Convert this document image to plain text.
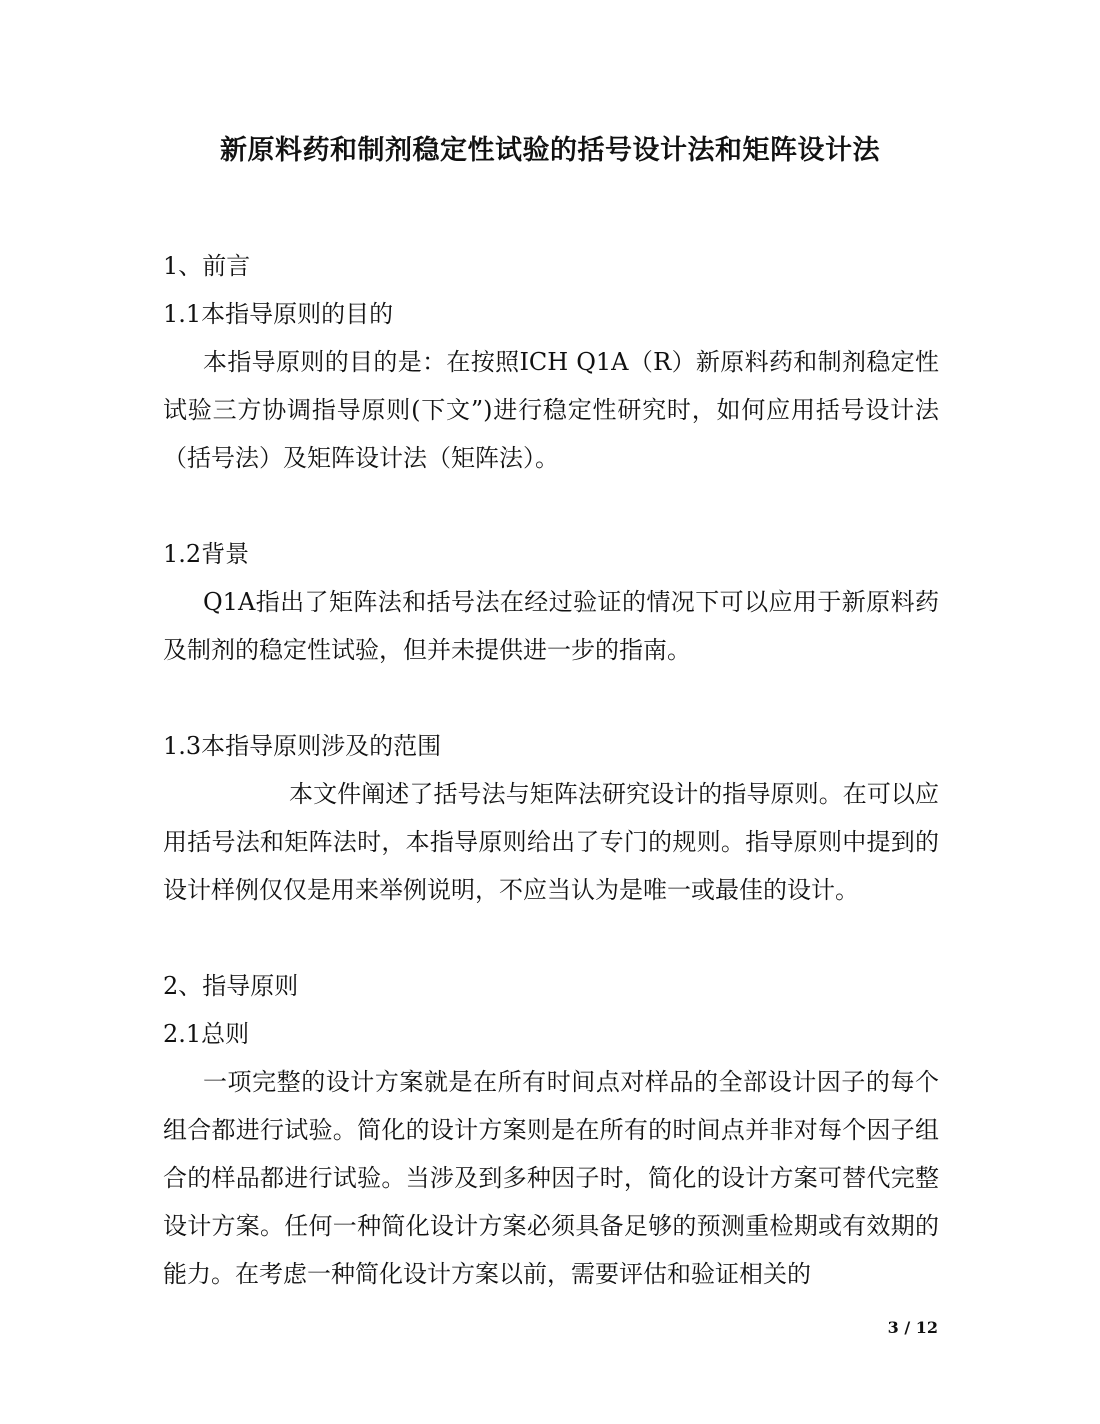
新原料药和制剂稳定性试验的括号设计法和矩阵设计法

1、前言

1.1本指导原则的目的

本指导原则的目的是：在按照ICH Q1A（R）新原料药和制剂稳定性试验三方协调指导原则(下文”)进行稳定性研究时，如何应用括号设计法（括号法）及矩阵设计法（矩阵法）。

1.2背景

Q1A指出了矩阵法和括号法在经过验证的情况下可以应用于新原料药及制剂的稳定性试验，但并未提供进一步的指南。

1.3本指导原则涉及的范围

本文件阐述了括号法与矩阵法研究设计的指导原则。在可以应用括号法和矩阵法时，本指导原则给出了专门的规则。指导原则中提到的设计样例仅仅是用来举例说明，不应当认为是唯一或最佳的设计。

2、指导原则

2.1总则

一项完整的设计方案就是在所有时间点对样品的全部设计因子的每个组合都进行试验。简化的设计方案则是在所有的时间点并非对每个因子组合的样品都进行试验。当涉及到多种因子时，简化的设计方案可替代完整设计方案。任何一种简化设计方案必须具备足够的预测重检期或有效期的能力。在考虑一种简化设计方案以前，需要评估和验证相关的

3 / 12
